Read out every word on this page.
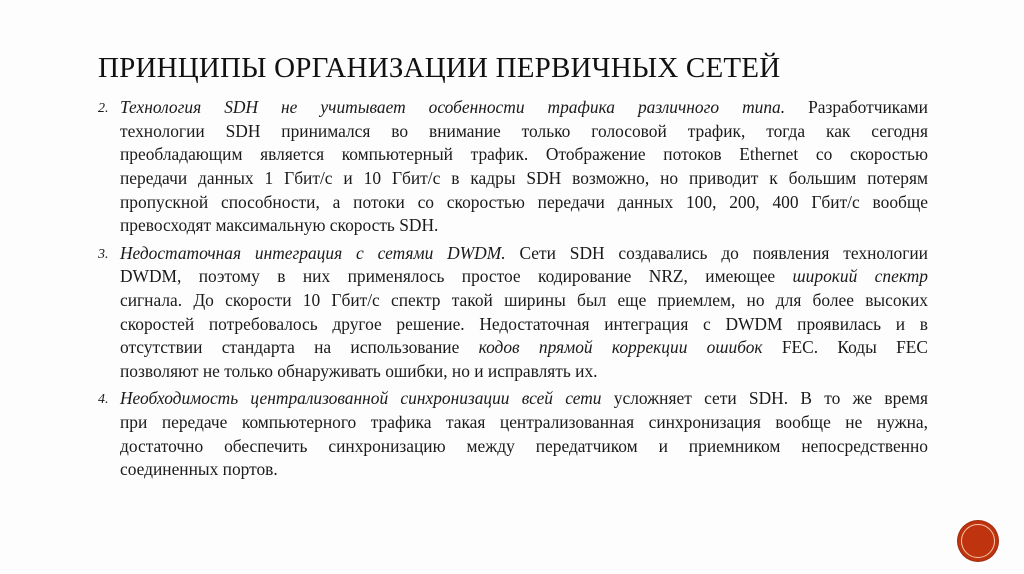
ПРИНЦИПЫ ОРГАНИЗАЦИИ ПЕРВИЧНЫХ СЕТЕЙ
2. Технология SDH не учитывает особенности трафика различного типа. Разработчиками
технологии SDH принимался во внимание только голосовой трафик, тогда как сегодня
преобладающим является компьютерный трафик. Отображение потоков Ethernet со скоростью
передачи данных 1 Гбит/с и 10 Гбит/с в кадры SDH возможно, но приводит к большим потерям
пропускной способности, а потоки со скоростью передачи данных 100, 200, 400 Гбит/с вообще
превосходят максимальную скорость SDH.
3. Недостаточная интеграция с сетями DWDM. Сети SDH создавались до появления технологии
DWDM, поэтому в них применялось простое кодирование NRZ, имеющее широкий спектр
сигнала. До скорости 10 Гбит/с спектр такой ширины был еще приемлем, но для более высоких
скоростей потребовалось другое решение. Недостаточная интеграция с DWDM проявилась и в
отсутствии стандарта на использование кодов прямой коррекции ошибок FEC. Коды FEC
позволяют не только обнаруживать ошибки, но и исправлять их.
4. Необходимость централизованной синхронизации всей сети усложняет сети SDH. В то же время
при передаче компьютерного трафика такая централизованная синхронизация вообще не нужна,
достаточно обеспечить синхронизацию между передатчиком и приемником непосредственно
соединенных портов.
